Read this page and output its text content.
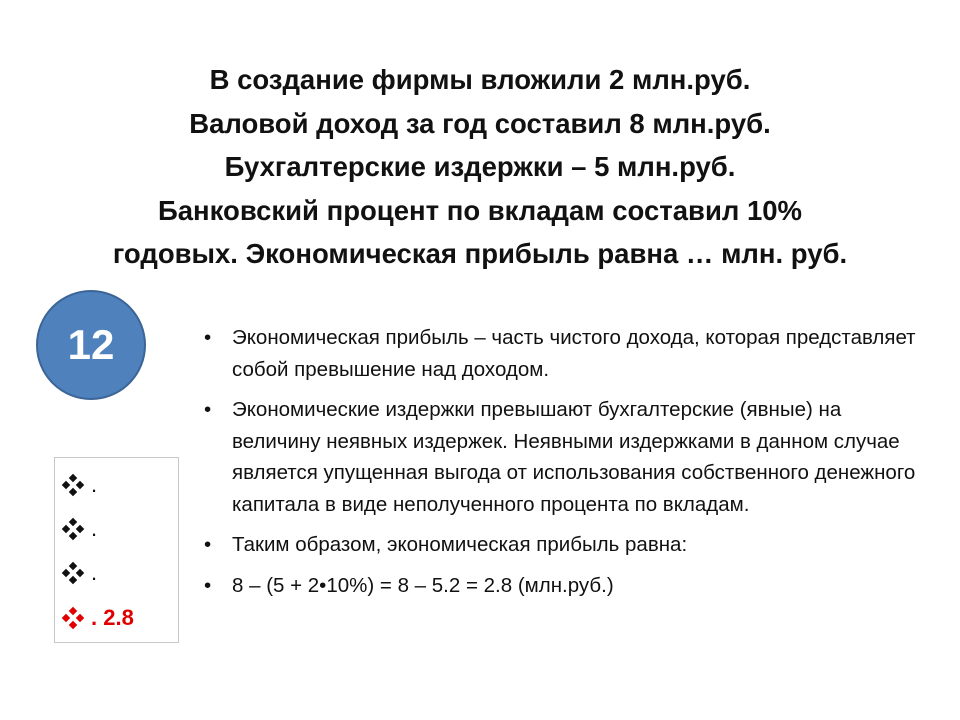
В создание фирмы вложили 2 млн.руб.
Валовой доход за год составил 8 млн.руб.
Бухгалтерские издержки – 5 млн.руб.
Банковский процент по вкладам составил 10%
годовых. Экономическая прибыль равна … млн. руб.
12
.
.
.
. 2.8
• Экономическая прибыль – часть чистого дохода, которая представляет собой превышение над доходом.
• Экономические издержки превышают бухгалтерские (явные) на величину неявных издержек. Неявными издержками в данном случае является упущенная выгода от использования собственного денежного капитала в виде неполученного процента по вкладам.
• Таким образом, экономическая прибыль равна:
• 8 – (5 + 2•10%) = 8 – 5.2 = 2.8 (млн.руб.)
